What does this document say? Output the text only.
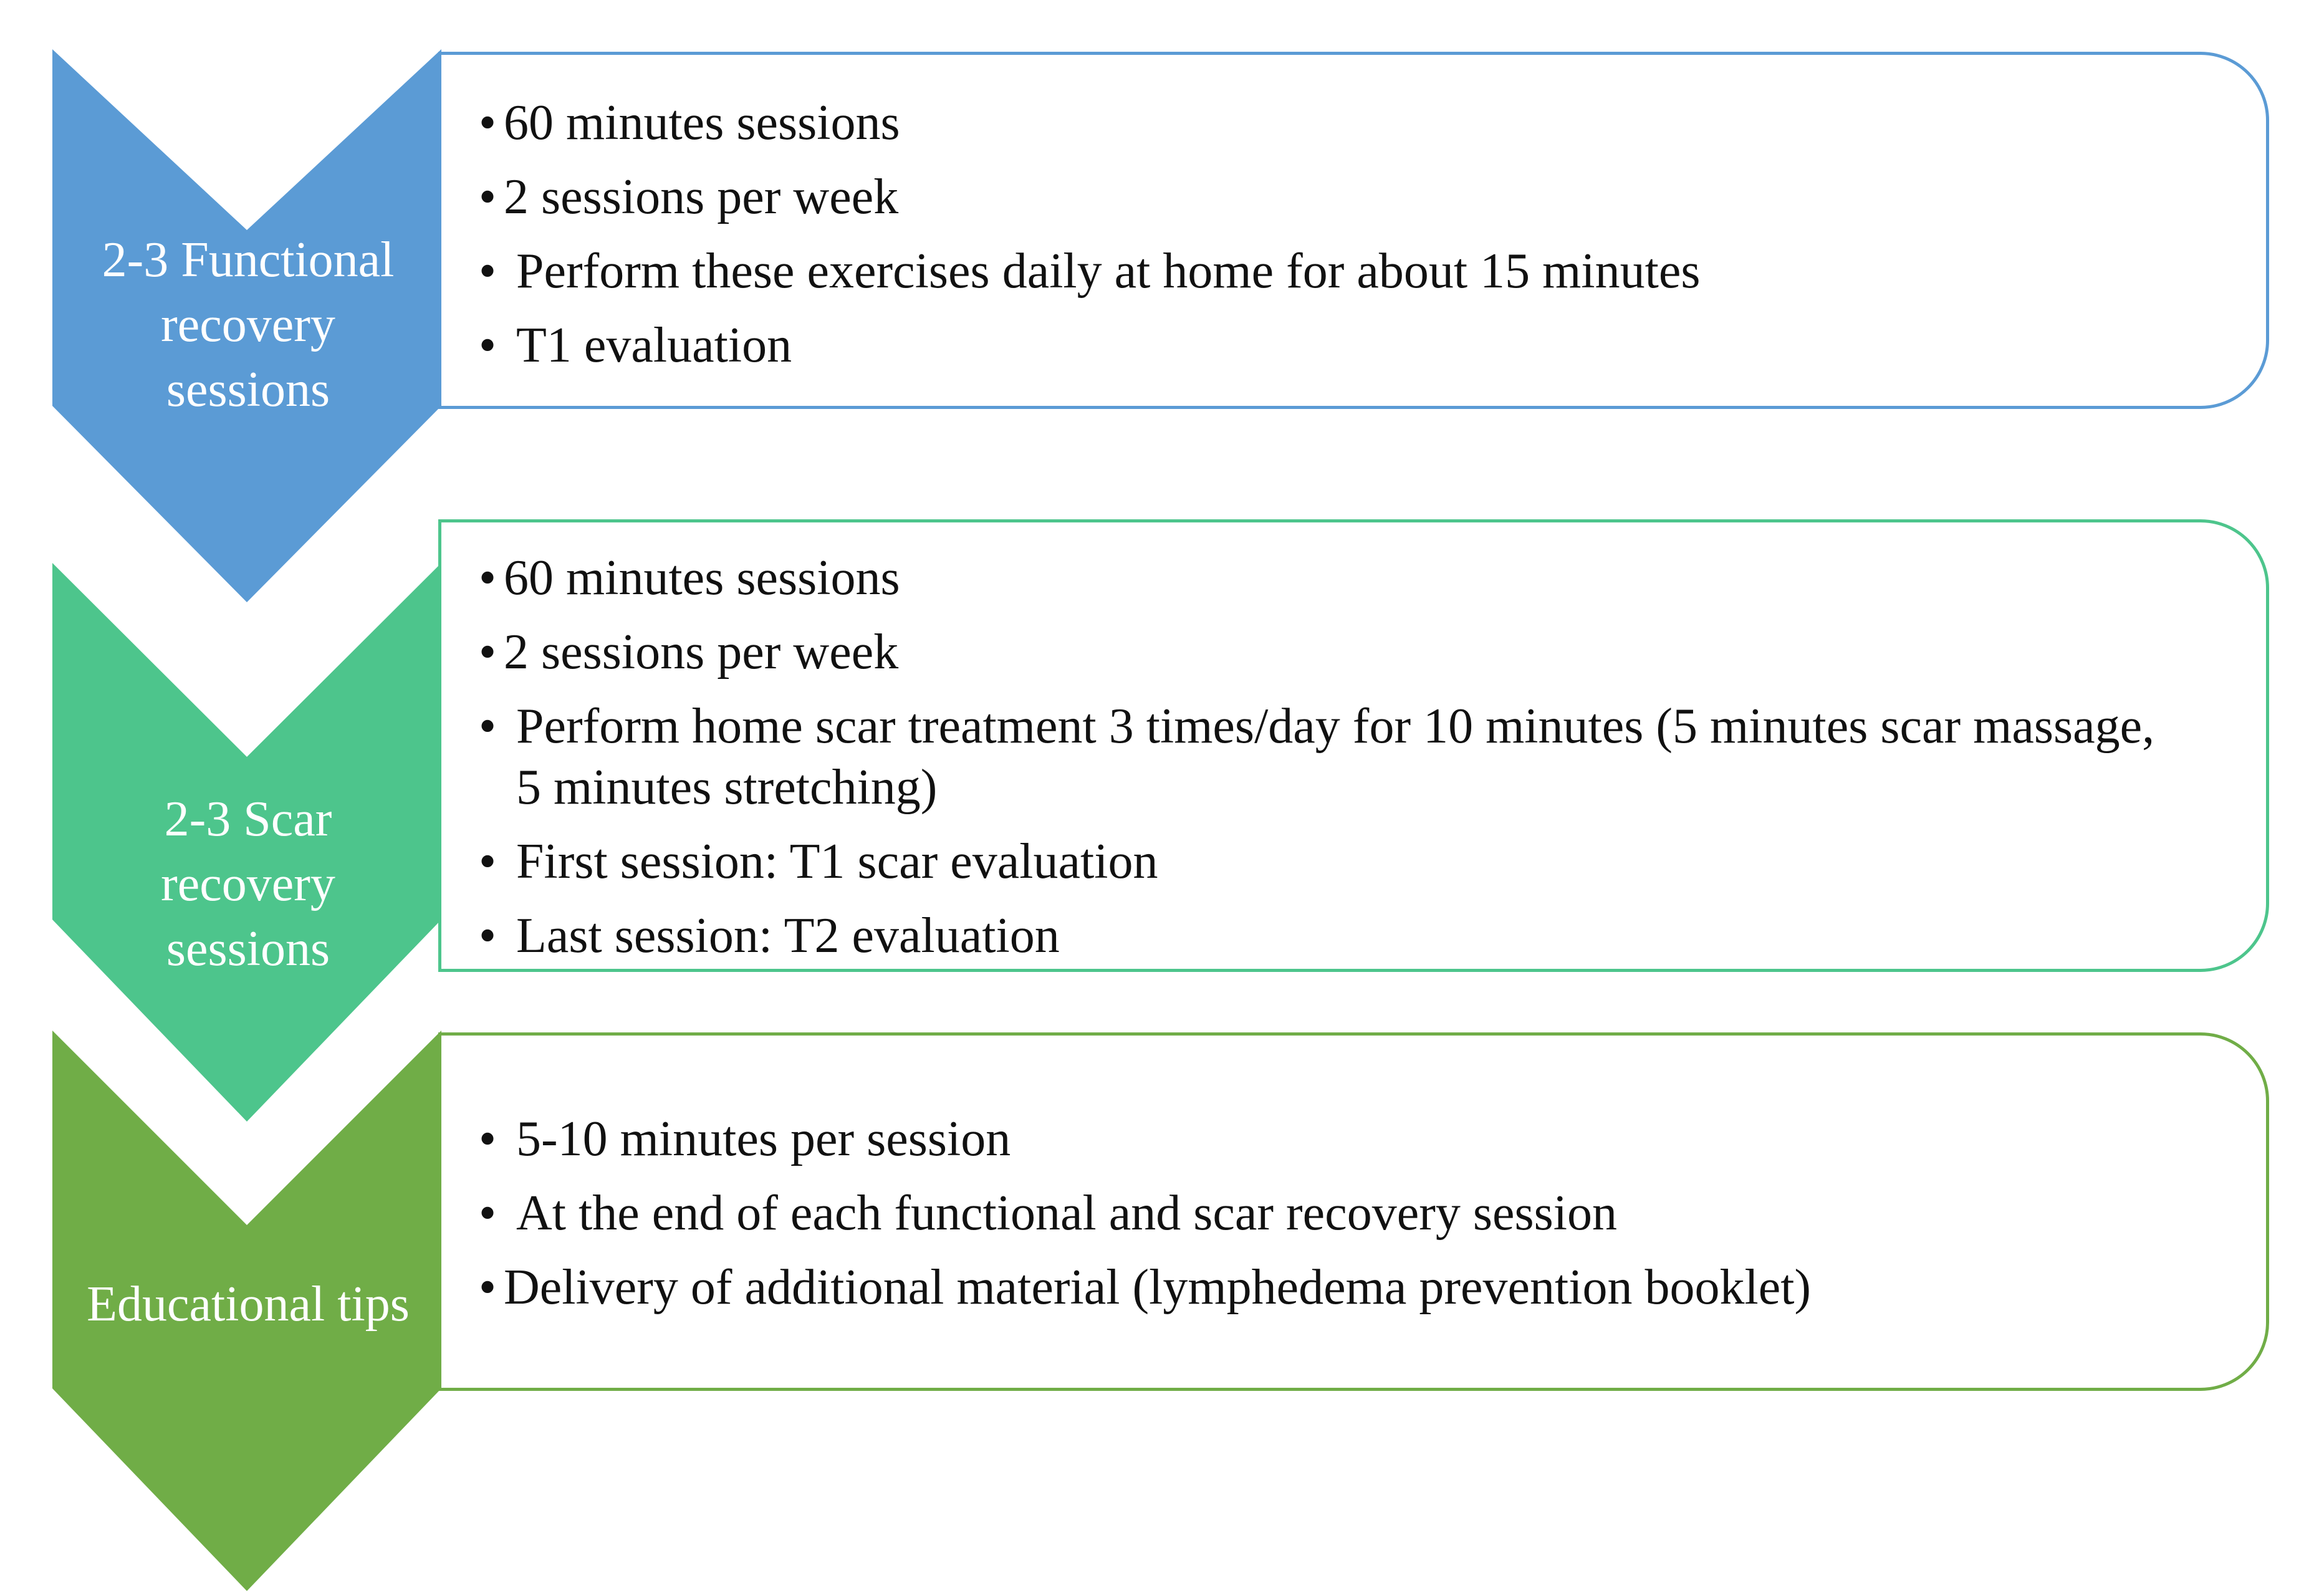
2-3 Functional
recovery
sessions
• 60 minutes sessions
• 2 sessions per week
• Perform these exercises daily at home for about 15 minutes
• T1 evaluation
2-3 Scar
recovery
sessions
• 60 minutes sessions
• 2 sessions per week
• Perform home scar treatment 3 times/day for 10 minutes (5 minutes scar massage, 5 minutes stretching)
• First session: T1 scar evaluation
• Last session: T2 evaluation
Educational tips
• 5-10 minutes per session
• At the end of each functional and scar recovery session
• Delivery of additional material (lymphedema prevention booklet)
